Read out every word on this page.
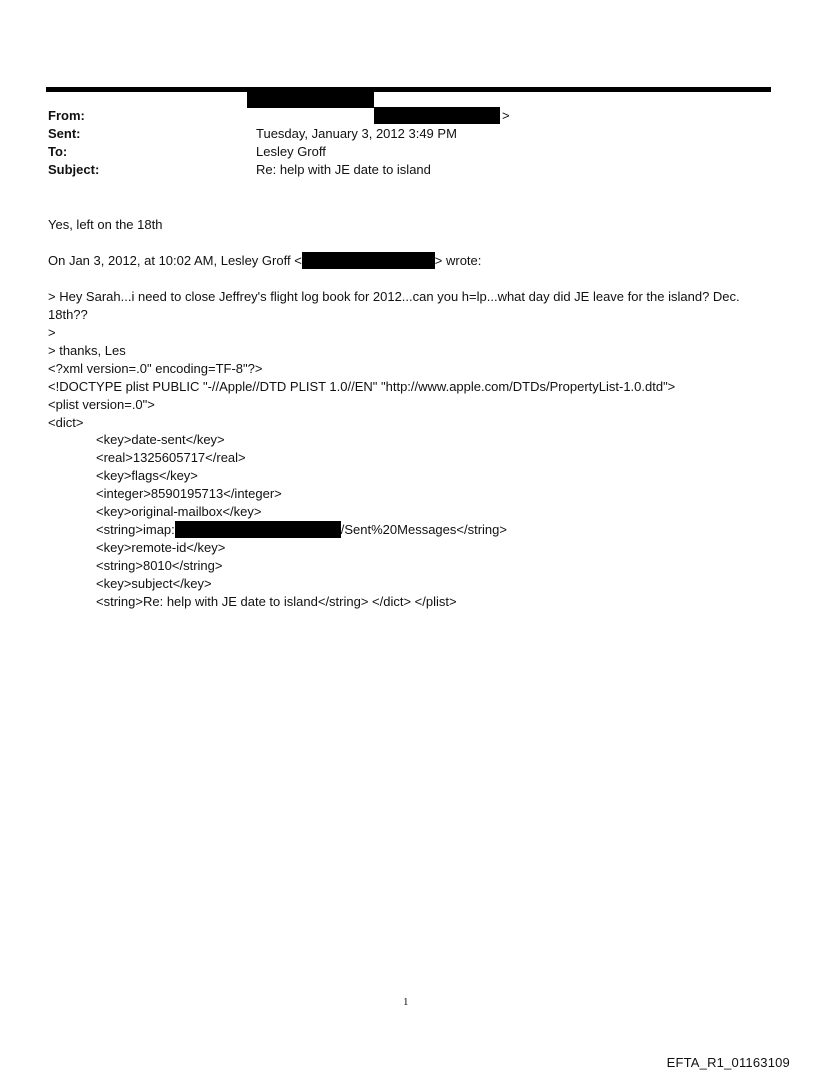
From:	>
Sent:	Tuesday, January 3, 2012 3:49 PM
To:	Lesley Groff
Subject:	Re: help with JE date to island
Yes, left on the 18th
On Jan 3, 2012, at 10:02 AM, Lesley Groff <	> wrote:
> Hey Sarah...i need to close Jeffrey's flight log book for 2012...can you h=lp...what day did JE leave for the island? Dec.
18th??
>
> thanks, Les
<?xml version=.0" encoding=TF-8"?>
<!DOCTYPE plist PUBLIC "-//Apple//DTD PLIST 1.0//EN" "http://www.apple.com/DTDs/PropertyList-1.0.dtd">
<plist version=.0">
<dict>
<key>date-sent</key>
<real>1325605717</real>
<key>flags</key>
<integer>8590195713</integer>
<key>original-mailbox</key>
<string>imap:	/Sent%20Messages</string>
<key>remote-id</key>
<string>8010</string>
<key>subject</key>
<string>Re: help with JE date to island</string> </dict> </plist>
1
EFTA_R1_01163109
